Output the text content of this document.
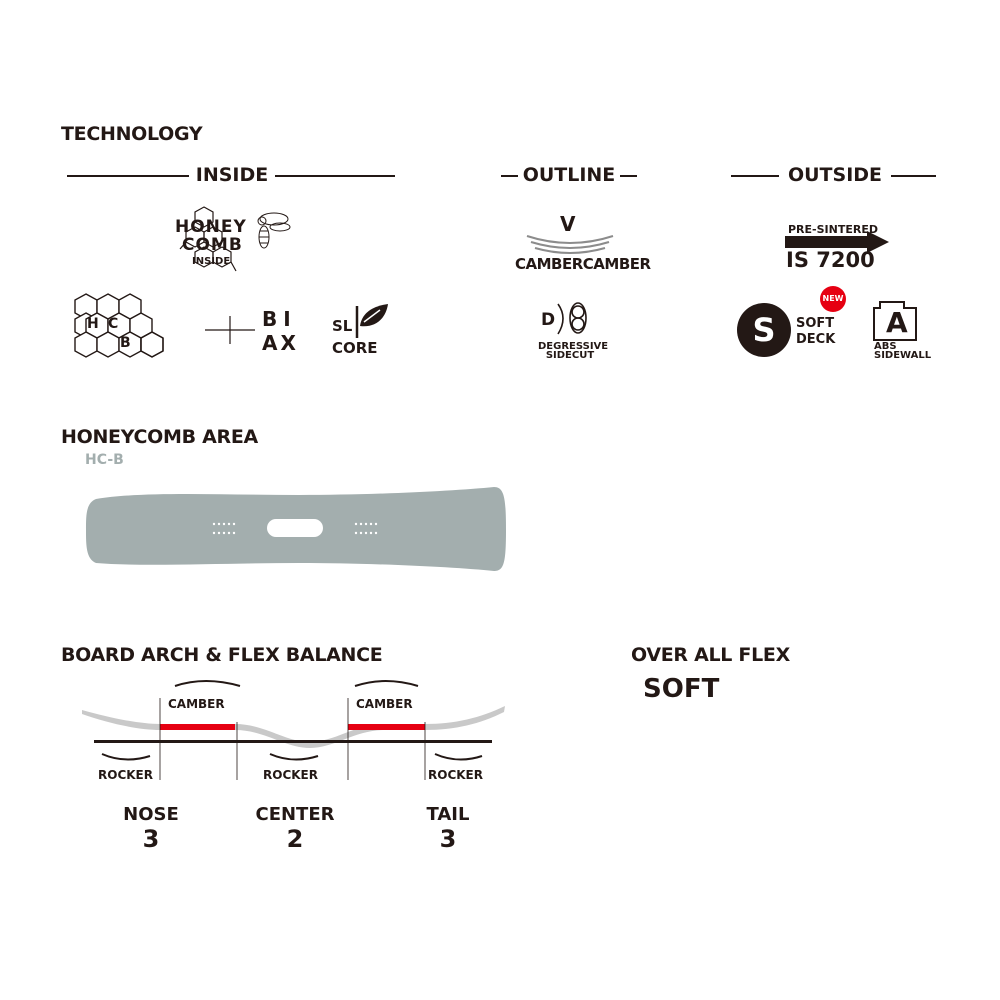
TECHNOLOGY
INSIDE	OUTLINE	OUTSIDE
HONEY
COMB
INSIDE
H C
B
BI
AX
SL
CORE
V
CAMBERCAMBER
D
DEGRESSIVE
SIDECUT
PRE-SINTERED
IS 7200
S
NEW
SOFT
DECK
A
ABS
SIDEWALL
HONEYCOMB AREA
HC-B
BOARD ARCH & FLEX BALANCE
CAMBER	CAMBER
ROCKER	ROCKER	ROCKER
NOSE
3
CENTER
2
TAIL
3
OVER ALL FLEX
SOFT
